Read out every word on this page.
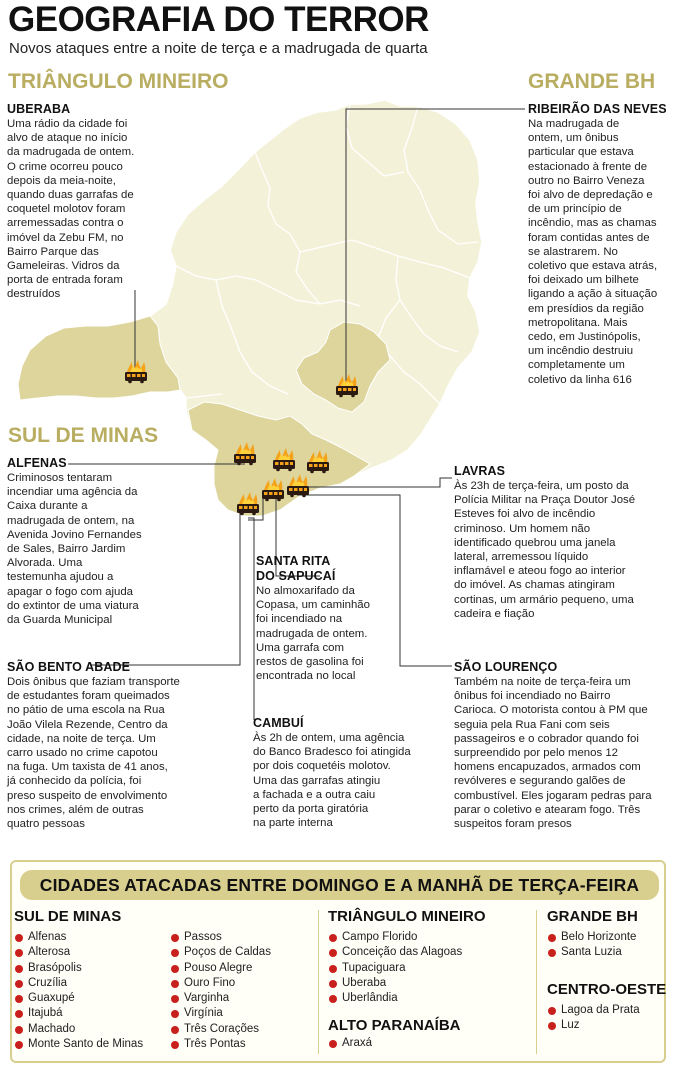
GEOGRAFIA DO TERROR
Novos ataques entre a noite de terça e a madrugada de quarta
TRIÂNGULO MINEIRO	GRANDE BH
SUL DE MINAS
UBERABA
Uma rádio da cidade foi
alvo de ataque no início
da madrugada de ontem.
O crime ocorreu pouco
depois da meia-noite,
quando duas garrafas de
coquetel molotov foram
arremessadas contra o
imóvel da Zebu FM, no
Bairro Parque das
Gameleiras. Vidros da
porta de entrada foram
destruídos
RIBEIRÃO DAS NEVES
Na madrugada de
ontem, um ônibus
particular que estava
estacionado à frente de
outro no Bairro Veneza
foi alvo de depredação e
de um princípio de
incêndio, mas as chamas
foram contidas antes de
se alastrarem. No
coletivo que estava atrás,
foi deixado um bilhete
ligando a ação à situação
em presídios da região
metropolitana. Mais
cedo, em Justinópolis,
um incêndio destruiu
completamente um
coletivo da linha 616
ALFENAS
Criminosos tentaram
incendiar uma agência da
Caixa durante a
madrugada de ontem, na
Avenida Jovino Fernandes
de Sales, Bairro Jardim
Alvorada. Uma
testemunha ajudou a
apagar o fogo com ajuda
do extintor de uma viatura
da Guarda Municipal
LAVRAS
Às 23h de terça-feira, um posto da
Polícia Militar na Praça Doutor José
Esteves foi alvo de incêndio
criminoso. Um homem não
identificado quebrou uma janela
lateral, arremessou líquido
inflamável e ateou fogo ao interior
do imóvel. As chamas atingiram
cortinas, um armário pequeno, uma
cadeira e fiação
SANTA RITA
DO SAPUCAÍ
No almoxarifado da
Copasa, um caminhão
foi incendiado na
madrugada de ontem.
Uma garrafa com
restos de gasolina foi
encontrada no local
SÃO BENTO ABADE
Dois ônibus que faziam transporte
de estudantes foram queimados
no pátio de uma escola na Rua
João Vilela Rezende, Centro da
cidade, na noite de terça. Um
carro usado no crime capotou
na fuga. Um taxista de 41 anos,
já conhecido da polícia, foi
preso suspeito de envolvimento
nos crimes, além de outras
quatro pessoas
SÃO LOURENÇO
Também na noite de terça-feira um
ônibus foi incendiado no Bairro
Carioca. O motorista contou à PM que
seguia pela Rua Fani com seis
passageiros e o cobrador quando foi
surpreendido por pelo menos 12
homens encapuzados, armados com
revólveres e segurando galões de
combustível. Eles jogaram pedras para
parar o coletivo e atearam fogo. Três
suspeitos foram presos
CAMBUÍ
Às 2h de ontem, uma agência
do Banco Bradesco foi atingida
por dois coquetéis molotov.
Uma das garrafas atingiu
a fachada e a outra caiu
perto da porta giratória
na parte interna
CIDADES ATACADAS ENTRE DOMINGO E A MANHÃ DE TERÇA-FEIRA
SUL DE MINAS
Alfenas
Alterosa
Brasópolis
Cruzília
Guaxupé
Itajubá
Machado
Monte Santo de Minas
Passos
Poços de Caldas
Pouso Alegre
Ouro Fino
Varginha
Virgínia
Três Corações
Três Pontas
TRIÂNGULO MINEIRO
Campo Florido
Conceição das Alagoas
Tupaciguara
Uberaba
Uberlândia
ALTO PARANAÍBA
Araxá
GRANDE BH
Belo Horizonte
Santa Luzia
CENTRO-OESTE
Lagoa da Prata
Luz
